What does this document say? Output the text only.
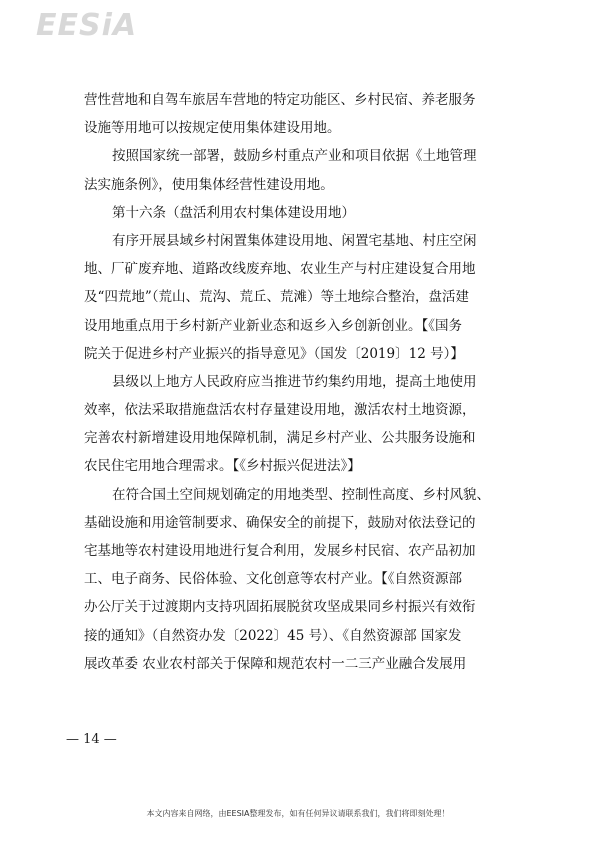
EESiA
营性营地和自驾车旅居车营地的特定功能区、乡村民宿、养老服务
设施等用地可以按规定使用集体建设用地。
按照国家统一部署，鼓励乡村重点产业和项目依据《土地管理
法实施条例》，使用集体经营性建设用地。
第十六条（盘活利用农村集体建设用地）
有序开展县域乡村闲置集体建设用地、闲置宅基地、村庄空闲
地、厂矿废弃地、道路改线废弃地、农业生产与村庄建设复合用地
及“四荒地”（荒山、荒沟、荒丘、荒滩）等土地综合整治，盘活建
设用地重点用于乡村新产业新业态和返乡入乡创新创业。【《国务
院关于促进乡村产业振兴的指导意见》（国发〔2019〕12 号）】
县级以上地方人民政府应当推进节约集约用地，提高土地使用
效率，依法采取措施盘活农村存量建设用地，激活农村土地资源，
完善农村新增建设用地保障机制，满足乡村产业、公共服务设施和
农民住宅用地合理需求。【《乡村振兴促进法》】
在符合国土空间规划确定的用地类型、控制性高度、乡村风貌、
基础设施和用途管制要求、确保安全的前提下，鼓励对依法登记的
宅基地等农村建设用地进行复合利用，发展乡村民宿、农产品初加
工、电子商务、民俗体验、文化创意等农村产业。【《自然资源部
办公厅关于过渡期内支持巩固拓展脱贫攻坚成果同乡村振兴有效衔
接的通知》（自然资办发〔2022〕45 号）、《自然资源部 国家发
展改革委 农业农村部关于保障和规范农村一二三产业融合发展用
— 14 —
本文内容来自网络，由EESIA整理发布，如有任何异议请联系我们，我们将即刻处理！
